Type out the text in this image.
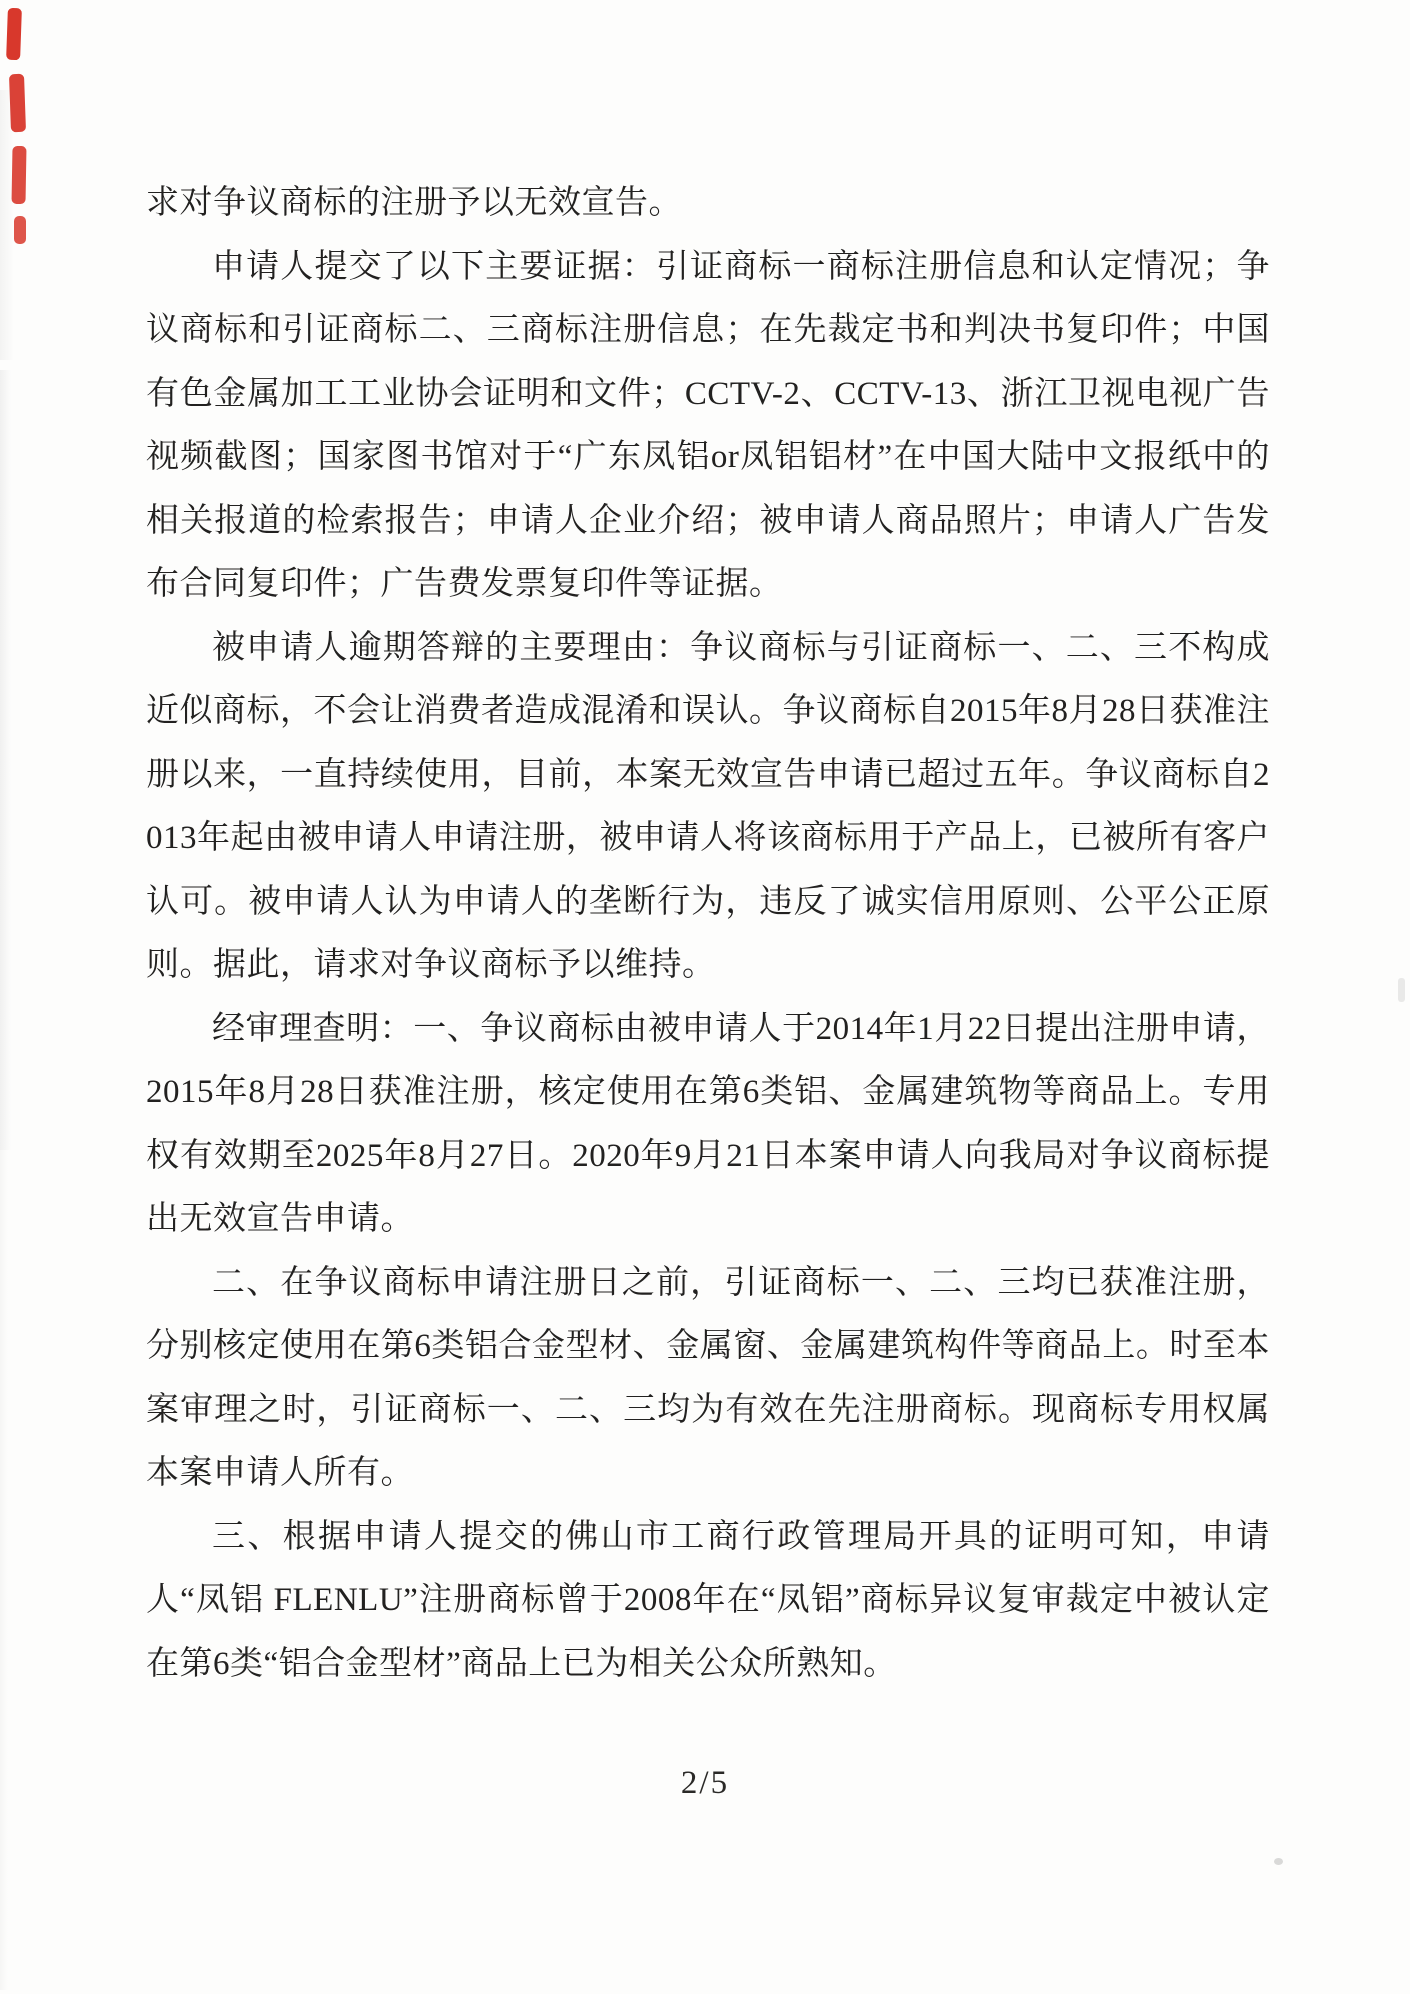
求对争议商标的注册予以无效宣告。

申请人提交了以下主要证据：引证商标一商标注册信息和认定情况；争议商标和引证商标二、三商标注册信息；在先裁定书和判决书复印件；中国有色金属加工工业协会证明和文件；CCTV-2、CCTV-13、浙江卫视电视广告视频截图；国家图书馆对于“广东凤铝or凤铝铝材”在中国大陆中文报纸中的相关报道的检索报告；申请人企业介绍；被申请人商品照片；申请人广告发布合同复印件；广告费发票复印件等证据。

被申请人逾期答辩的主要理由：争议商标与引证商标一、二、三不构成近似商标，不会让消费者造成混淆和误认。争议商标自2015年8月28日获准注册以来，一直持续使用，目前，本案无效宣告申请已超过五年。争议商标自2013年起由被申请人申请注册，被申请人将该商标用于产品上，已被所有客户认可。被申请人认为申请人的垄断行为，违反了诚实信用原则、公平公正原则。据此，请求对争议商标予以维持。

经审理查明：一、争议商标由被申请人于2014年1月22日提出注册申请，2015年8月28日获准注册，核定使用在第6类铝、金属建筑物等商品上。专用权有效期至2025年8月27日。2020年9月21日本案申请人向我局对争议商标提出无效宣告申请。

二、在争议商标申请注册日之前，引证商标一、二、三均已获准注册，分别核定使用在第6类铝合金型材、金属窗、金属建筑构件等商品上。时至本案审理之时，引证商标一、二、三均为有效在先注册商标。现商标专用权属本案申请人所有。

三、根据申请人提交的佛山市工商行政管理局开具的证明可知，申请人“凤铝 FLENLU”注册商标曾于2008年在“凤铝”商标异议复审裁定中被认定在第6类“铝合金型材”商品上已为相关公众所熟知。

2/5
